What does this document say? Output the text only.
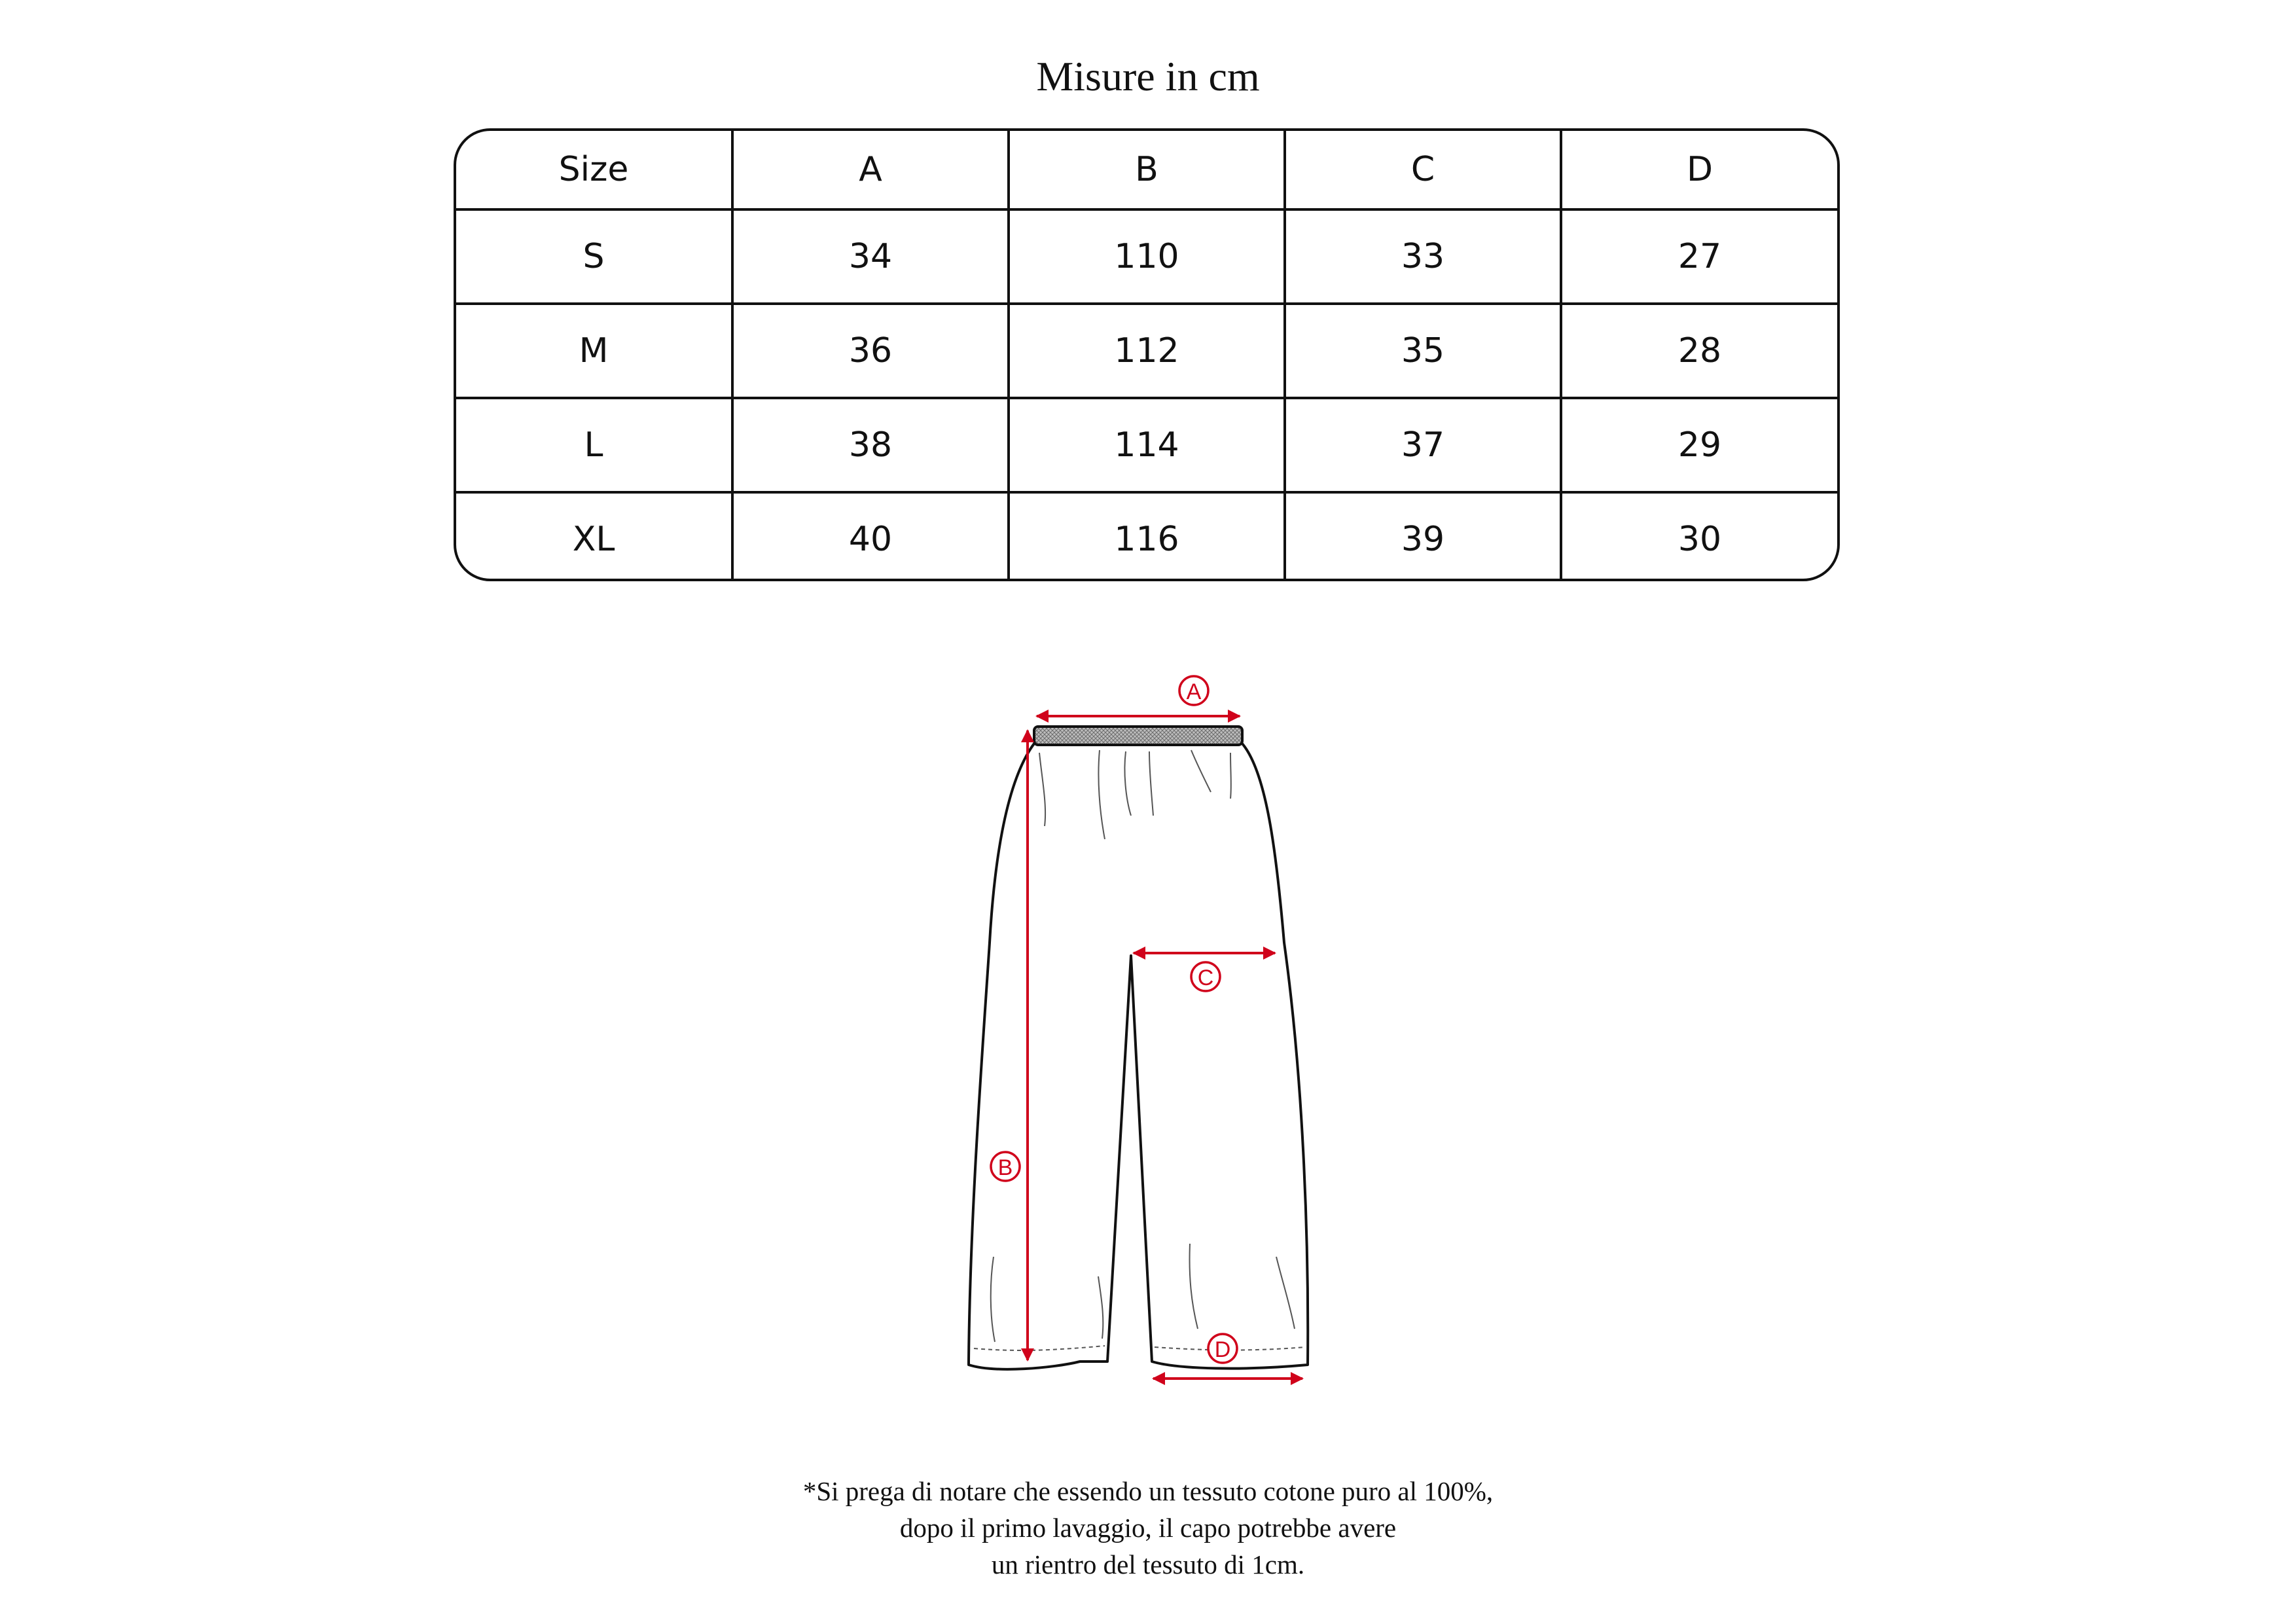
Misure in cm
Size	A	B	C	D
S	34	110	33	27
M	36	112	35	28
L	38	114	37	29
XL	40	116	39	30
A
B
C
D
*Si prega di notare che essendo un tessuto cotone puro al 100%,
dopo il primo lavaggio, il capo potrebbe avere
un rientro del tessuto di 1cm.
